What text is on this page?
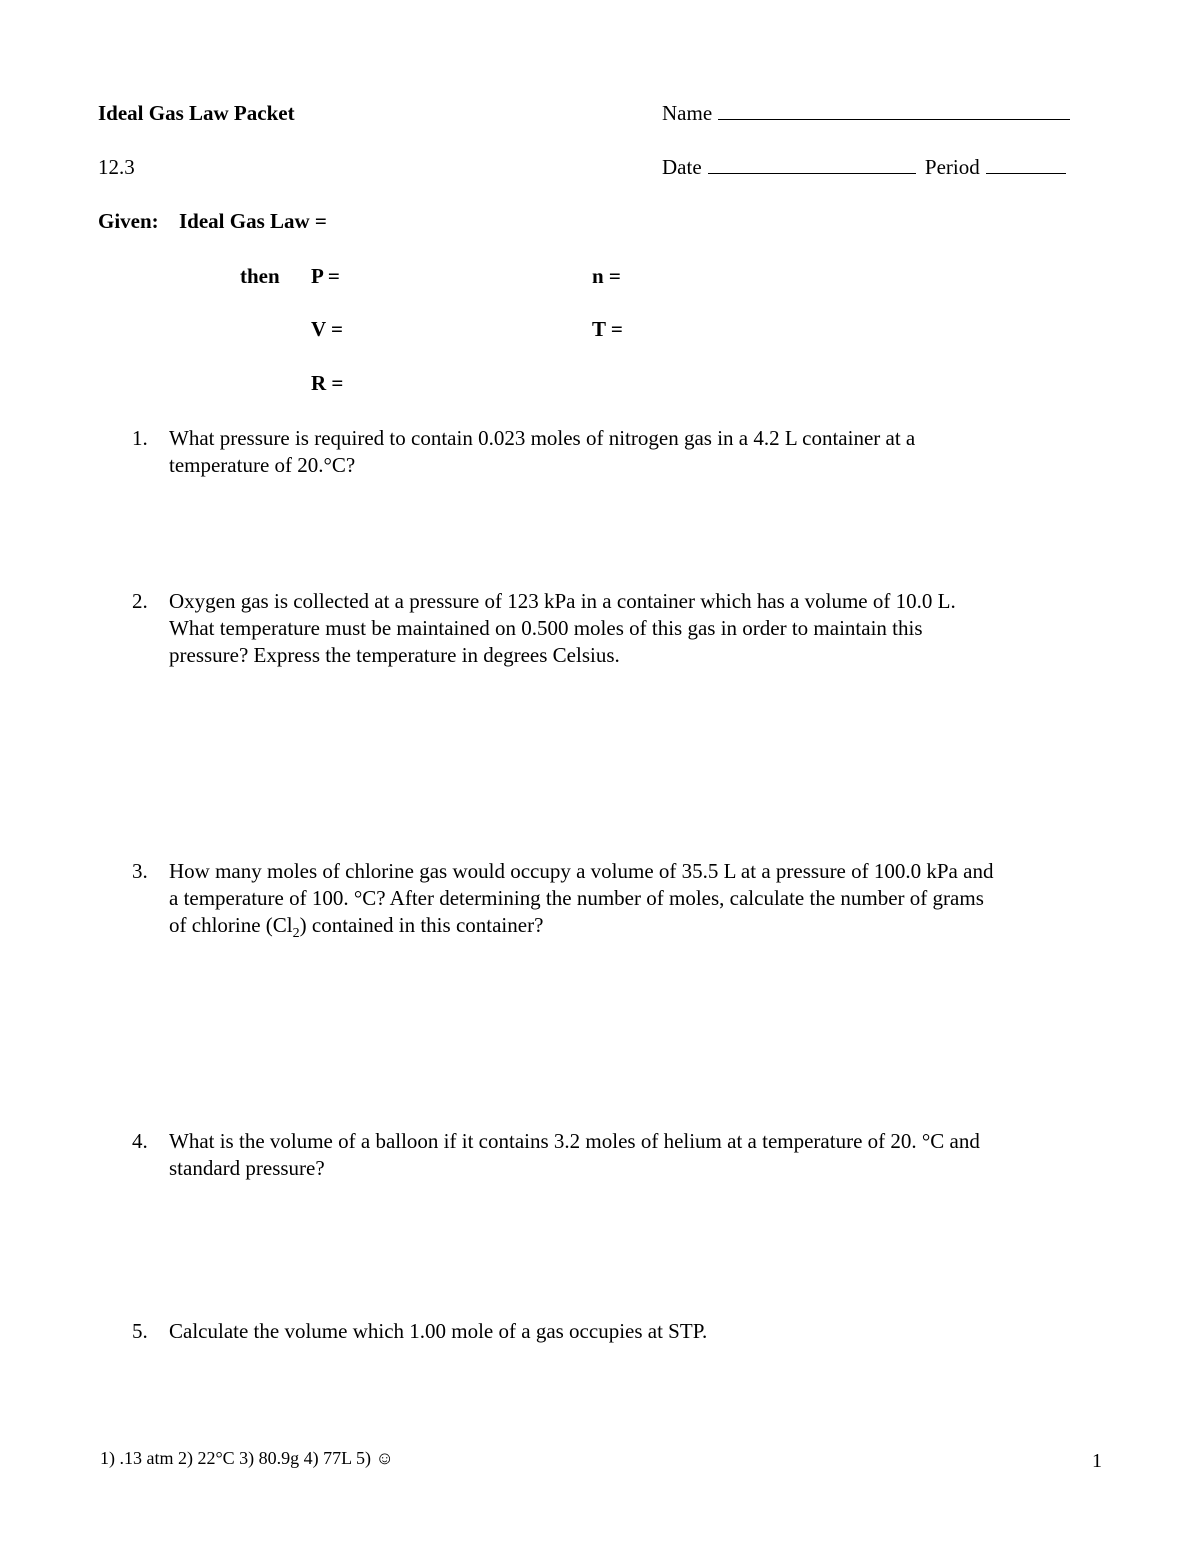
Ideal Gas Law Packet	Name
12.3	Date	Period
Given: Ideal Gas Law =
then P =	n =
V =	T =
R =
1. What pressure is required to contain 0.023 moles of nitrogen gas in a 4.2 L container at a
temperature of 20.°C?
2. Oxygen gas is collected at a pressure of 123 kPa in a container which has a volume of 10.0 L.
What temperature must be maintained on 0.500 moles of this gas in order to maintain this
pressure? Express the temperature in degrees Celsius.
3. How many moles of chlorine gas would occupy a volume of 35.5 L at a pressure of 100.0 kPa and
a temperature of 100. °C? After determining the number of moles, calculate the number of grams
of chlorine $(Cl_2)$ contained in this container?
4. What is the volume of a balloon if it contains 3.2 moles of helium at a temperature of 20. °C and
standard pressure?
5. Calculate the volume which 1.00 mole of a gas occupies at STP.
1) .13 atm 2) 22°C 3) 80.9g 4) 77L 5) ☺	1
